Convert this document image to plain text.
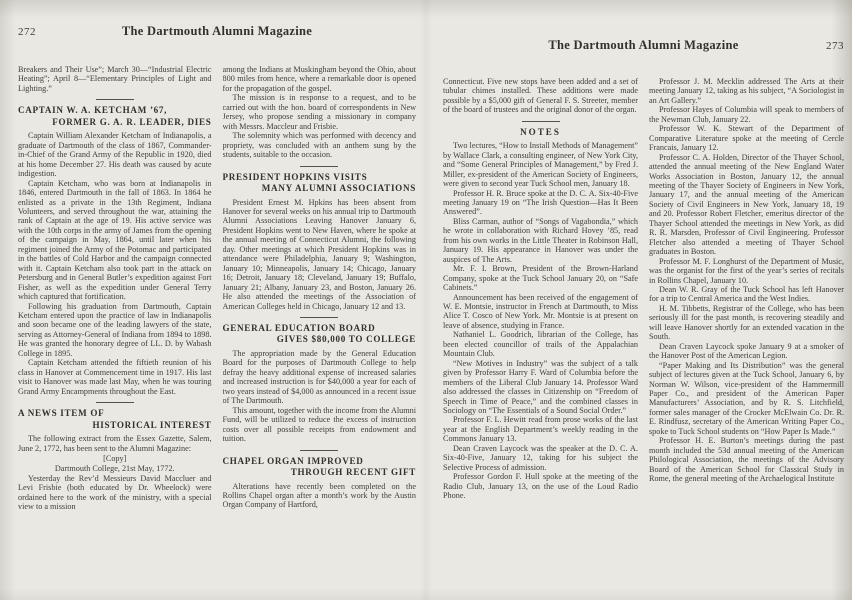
272	The Dartmouth Alumni Magazine

Breakers and Their Use”; March 30—“Industrial Electric Heating”; April 8—“Elementary Principles of Light and Lighting.”

CAPTAIN W. A. KETCHAM ’67,
FORMER G. A. R. LEADER, DIES

Captain William Alexander Ketcham of Indianapolis, a graduate of Dartmouth of the class of 1867, Commander-in-Chief of the Grand Army of the Republic in 1920, died at his home December 27. His death was caused by acute indigestion.

Captain Ketcham, who was born at Indianapolis in 1846, entered Dartmouth in the fall of 1863. In 1864 he enlisted as a private in the 13th Regiment, Indiana Volunteers, and served throughout the war, attaining the rank of Captain at the age of 19. His active service was with the 10th corps in the army of James from the opening of the campaign in May, 1864, until later when his regiment joined the Army of the Potomac and participated in the battles of Cold Harbor and the campaign connected with it. Captain Ketcham also took part in the attack on Petersburg and in General Butler’s expedition against Fort Fisher, as well as the expedition under General Terry which captured that fortification.

Following his graduation from Dartmouth, Captain Ketcham entered upon the practice of law in Indianapolis and soon became one of the leading lawyers of the state, serving as Attorney-General of Indiana from 1894 to 1898. He was granted the honorary degree of LL. D. by Wabash College in 1895.

Captain Ketcham attended the fiftieth reunion of his class in Hanover at Commencement time in 1917. His last visit to Hanover was made last May, when he was touring Grand Army Encampments throughout the East.

A NEWS ITEM OF
HISTORICAL INTEREST

The following extract from the Essex Gazette, Salem, June 2, 1772, has been sent to the Alumni Magazine:

[Copy]

Dartmouth College, 21st May, 1772.

Yesterday the Rev’d Messieurs David Maccluer and Levi Frisbie (both educated by Dr. Wheelock) were ordained here to the work of the ministry, with a special view to a mission

among the Indians at Muskingham beyond the Ohio, about 800 miles from hence, where a remarkable door is opened for the propagation of the gospel.

The mission is in response to a request, and to be carried out with the hon. board of correspondents in New Jersey, who propose sending a missionary in company with Messrs. Maccleur and Frisbie.

The solemnity which was performed with decency and propriety, was concluded with an anthem sung by the students, suitable to the occasion.

PRESIDENT HOPKINS VISITS
MANY ALUMNI ASSOCIATIONS

President Ernest M. Hpkins has been absent from Hanover for several weeks on his annual trip to Dartmouth Alumni Associations Leaving Hanover January 6, President Hopkins went to New Haven, where he spoke at the annual meeting of Connecticut Alumni, the following day. Other meetings at which President Hopkins was in attendance were Philadelphia, January 9; Washington, January 10; Minneapolis, January 14; Chicago, January 16; Detroit, January 18; Cleveland, January 19; Buffalo, January 21; Albany, January 23, and Boston, January 26. He also attended the meetings of the Association of American Colleges held in Chicago, January 12 and 13.

GENERAL EDUCATION BOARD
GIVES $80,000 TO COLLEGE

The appropriation made by the General Education Board for the purposes of Dartmouth College to help defray the heavy additional expense of increased salaries and increased instruction is for $40,000 a year for each of two years instead of $4,000 as announced in a recent issue of The Dartmouth.

This amount, together with the income from the Alumni Fund, will be utilized to reduce the excess of instruction costs over all possible receipts from endowment and tuition.

CHAPEL ORGAN IMPROVED
THROUGH RECENT GIFT

Alterations have recently been completed on the Rollins Chapel organ after a month’s work by the Austin Organ Company of Hartford,

The Dartmouth Alumni Magazine	273

Connecticut. Five new stops have been added and a set of tubular chimes installed. These additions were made possible by a $5,000 gift of General F. S. Streeter, member of the board of trustees and the original donor of the organ.

NOTES

Two lectures, “How to Install Methods of Management” by Wallace Clark, a consulting engineer, of New York City, and “Some General Principles of Management,” by Fred J. Miller, ex-president of the American Society of Engineers, were given to second year Tuck School men, January 18.

Professor H. R. Bruce spoke at the D. C. A. Six-40-Five meeting January 19 on “The Irish Question—Has It Been Answered”.

Bliss Carman, author of “Songs of Vagabondia,” which he wrote in collaboration with Richard Hovey ’85, read from his own works in the Little Theater in Robinson Hall, January 19. His appearance in Hanover was under the auspices of The Arts.

Mr. F. I. Brown, President of the Brown-Harland Company, spoke at the Tuck School January 20, on “Safe Cabinets.”

Announcement has been received of the engagement of W. E. Montsie, instructor in French at Dartmouth, to Miss Alice T. Cosco of New York. Mr. Montsie is at present on leave of absence, studying in France.

Nathaniel L. Goodrich, librarian of the College, has been elected councillor of trails of the Appalachian Mountain Club.

“New Motives in Industry” was the subject of a talk given by Professor Harry F. Ward of Columbia before the members of the Liberal Club January 14. Professor Ward also addressed the classes in Citizenship on “Freedom of Speech in Time of Peace,” and the combined classes in Sociology on “The Essentials of a Sound Social Order.”

Professor F. L. Hewitt read from prose works of the last year at the English Department’s weekly reading in the Commons January 13.

Dean Craven Laycock was the speaker at the D. C. A. Six-40-Five, January 12, taking for his subject the Selective Process of admission.

Professor Gordon F. Hull spoke at the meeting of the Radio Club, January 13, on the use of the Loud Radio Phone.

Professor J. M. Mecklin addressed The Arts at their meeting January 12, taking as his subject, “A Sociologist in an Art Gallery.”

Professor Hayes of Columbia will speak to members of the Newman Club, January 22.

Professor W. K. Stewart of the Department of Comparative Literature spoke at the meeting of Cercle Francais, January 12.

Professor C. A. Holden, Director of the Thayer School, attended the annual meeting of the New England Water Works Association in Boston, January 12, the annual meeting of the Thayer Society of Engineers in New York, January 17, and the annual meeting of the American Society of Civil Engineers in New York, January 18, 19 and 20. Professor Robert Fletcher, emeritus director of the Thayer School attended the meetings in New York, as did R. R. Marsden, Professor of Civil Engineering. Professor Fletcher also attended a meeting of Thayer School graduates in Boston.

Professor M. F. Longhurst of the Department of Music, was the organist for the first of the year’s series of recitals in Rollins Chapel, January 10.

Dean W. R. Gray of the Tuck School has left Hanover for a trip to Central America and the West Indies.

H. M. Tibbetts, Registrar of the College, who has been seriously ill for the past month, is recovering steadily and will leave Hanover shortly for an extended vacation in the South.

Dean Craven Laycock spoke January 9 at a smoker of the Hanover Post of the American Legion.

“Paper Making and Its Distribution” was the general subject of lectures given at the Tuck School, January 6, by Norman W. Wilson, vice-president of the Hammermill Paper Co., and president of the American Paper Manufacturers’ Association, and by R. S. Litchfield, former sales manager of the Crocker McElwain Co. Dr. R. E. Rindfusz, secretary of the American Writing Paper Co., spoke to Tuck School students on “How Paper Is Made.”

Professor H. E. Burton’s meetings during the past month included the 53d annual meeting of the American Philological Association, the meetings of the Advisory Board of the American School for Classical Study in Rome, the general meeting of the Archaelogical Institute
